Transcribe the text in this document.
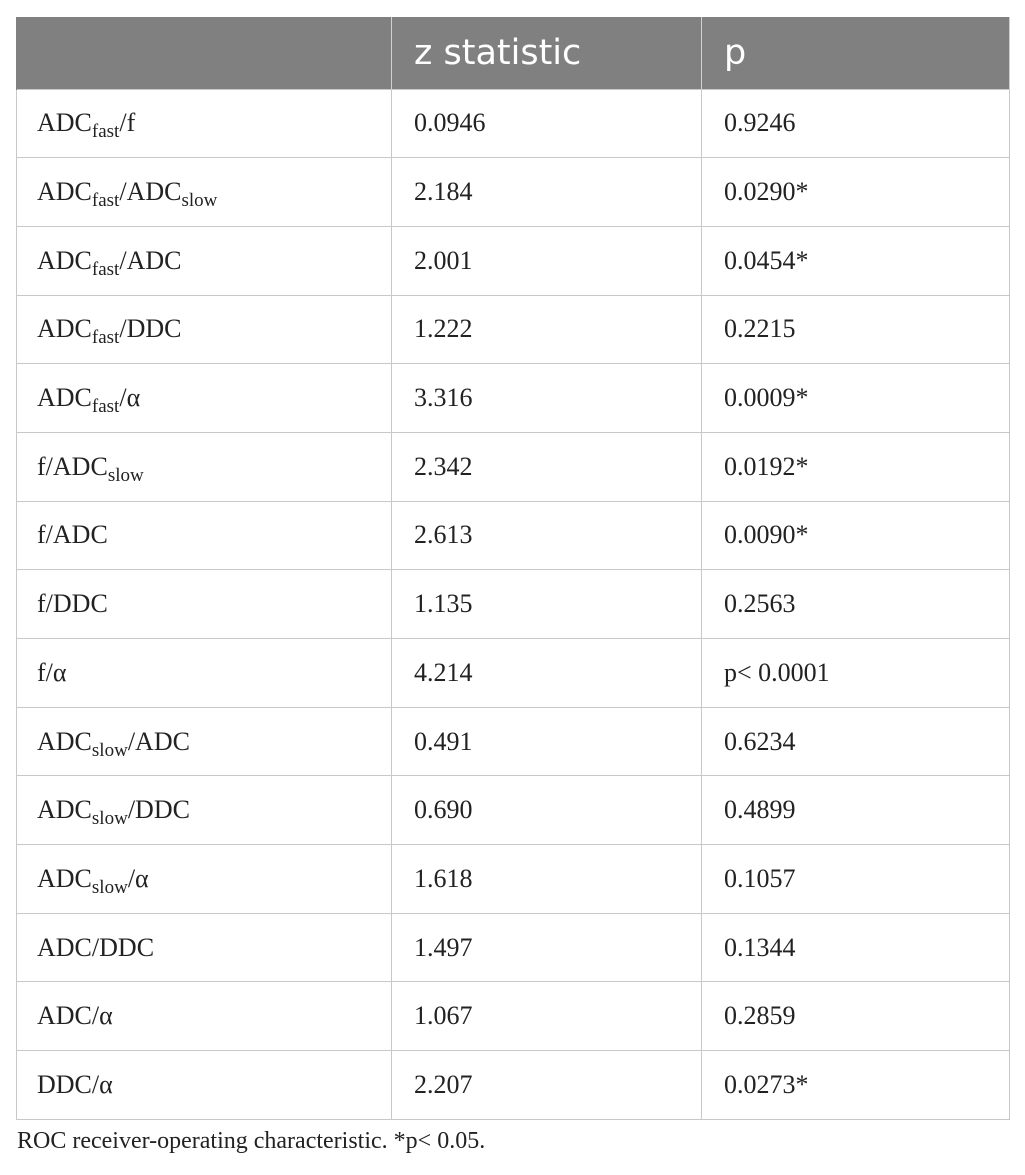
	z statistic	p
$ADC_{fast}/f$	0.0946	0.9246
$ADC_{fast}/ADC_{slow}$	2.184	0.0290*
$ADC_{fast}$/ADC	2.001	0.0454*
$ADC_{fast}$/DDC	1.222	0.2215
$ADC_{fast}/\alpha$	3.316	0.0009*
$f/ADC_{slow}$	2.342	0.0192*
f/ADC	2.613	0.0090*
f/DDC	1.135	0.2563
f/α	4.214	p< 0.0001
$ADC_{slow}$/ADC	0.491	0.6234
$ADC_{slow}$/DDC	0.690	0.4899
$ADC_{slow}/\alpha$	1.618	0.1057
ADC/DDC	1.497	0.1344
ADC/α	1.067	0.2859
DDC/α	2.207	0.0273*
ROC receiver-operating characteristic. *p< 0.05.
